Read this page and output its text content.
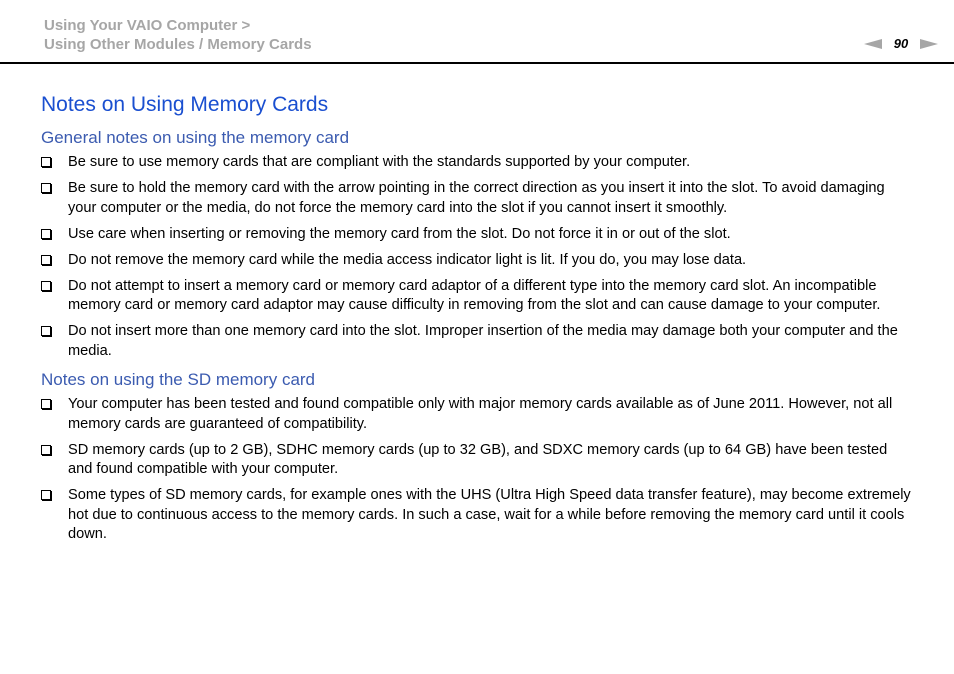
Using Your VAIO Computer >
Using Other Modules / Memory Cards	90
Notes on Using Memory Cards
General notes on using the memory card
Be sure to use memory cards that are compliant with the standards supported by your computer.
Be sure to hold the memory card with the arrow pointing in the correct direction as you insert it into the slot. To avoid damaging your computer or the media, do not force the memory card into the slot if you cannot insert it smoothly.
Use care when inserting or removing the memory card from the slot. Do not force it in or out of the slot.
Do not remove the memory card while the media access indicator light is lit. If you do, you may lose data.
Do not attempt to insert a memory card or memory card adaptor of a different type into the memory card slot. An incompatible memory card or memory card adaptor may cause difficulty in removing from the slot and can cause damage to your computer.
Do not insert more than one memory card into the slot. Improper insertion of the media may damage both your computer and the media.
Notes on using the SD memory card
Your computer has been tested and found compatible only with major memory cards available as of June 2011. However, not all memory cards are guaranteed of compatibility.
SD memory cards (up to 2 GB), SDHC memory cards (up to 32 GB), and SDXC memory cards (up to 64 GB) have been tested and found compatible with your computer.
Some types of SD memory cards, for example ones with the UHS (Ultra High Speed data transfer feature), may become extremely hot due to continuous access to the memory cards. In such a case, wait for a while before removing the memory card until it cools down.
